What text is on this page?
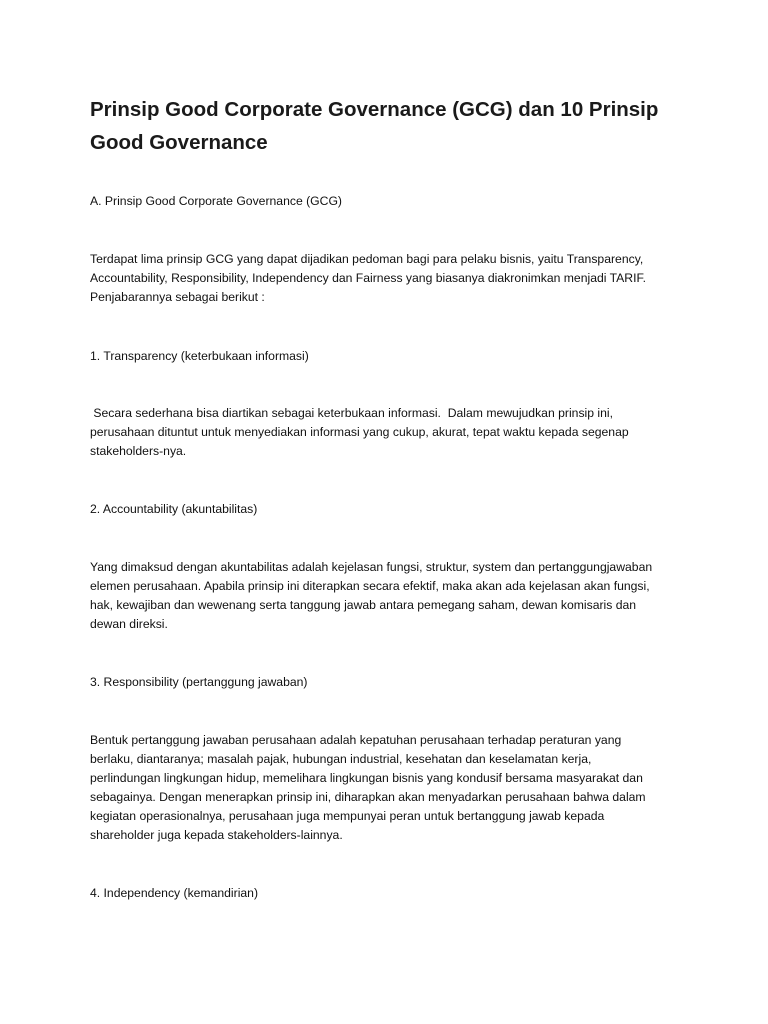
Prinsip Good Corporate Governance (GCG) dan 10 Prinsip
Good Governance

A. Prinsip Good Corporate Governance (GCG)

Terdapat lima prinsip GCG yang dapat dijadikan pedoman bagi para pelaku bisnis, yaitu Transparency,
Accountability, Responsibility, Independency dan Fairness yang biasanya diakronimkan menjadi TARIF.
Penjabarannya sebagai berikut :

1. Transparency (keterbukaan informasi)

Secara sederhana bisa diartikan sebagai keterbukaan informasi.  Dalam mewujudkan prinsip ini,
perusahaan dituntut untuk menyediakan informasi yang cukup, akurat, tepat waktu kepada segenap
stakeholders-nya.

2. Accountability (akuntabilitas)

Yang dimaksud dengan akuntabilitas adalah kejelasan fungsi, struktur, system dan pertanggungjawaban
elemen perusahaan. Apabila prinsip ini diterapkan secara efektif, maka akan ada kejelasan akan fungsi,
hak, kewajiban dan wewenang serta tanggung jawab antara pemegang saham, dewan komisaris dan
dewan direksi.

3. Responsibility (pertanggung jawaban)

Bentuk pertanggung jawaban perusahaan adalah kepatuhan perusahaan terhadap peraturan yang
berlaku, diantaranya; masalah pajak, hubungan industrial, kesehatan dan keselamatan kerja,
perlindungan lingkungan hidup, memelihara lingkungan bisnis yang kondusif bersama masyarakat dan
sebagainya. Dengan menerapkan prinsip ini, diharapkan akan menyadarkan perusahaan bahwa dalam
kegiatan operasionalnya, perusahaan juga mempunyai peran untuk bertanggung jawab kepada
shareholder juga kepada stakeholders-lainnya.

4. Independency (kemandirian)
